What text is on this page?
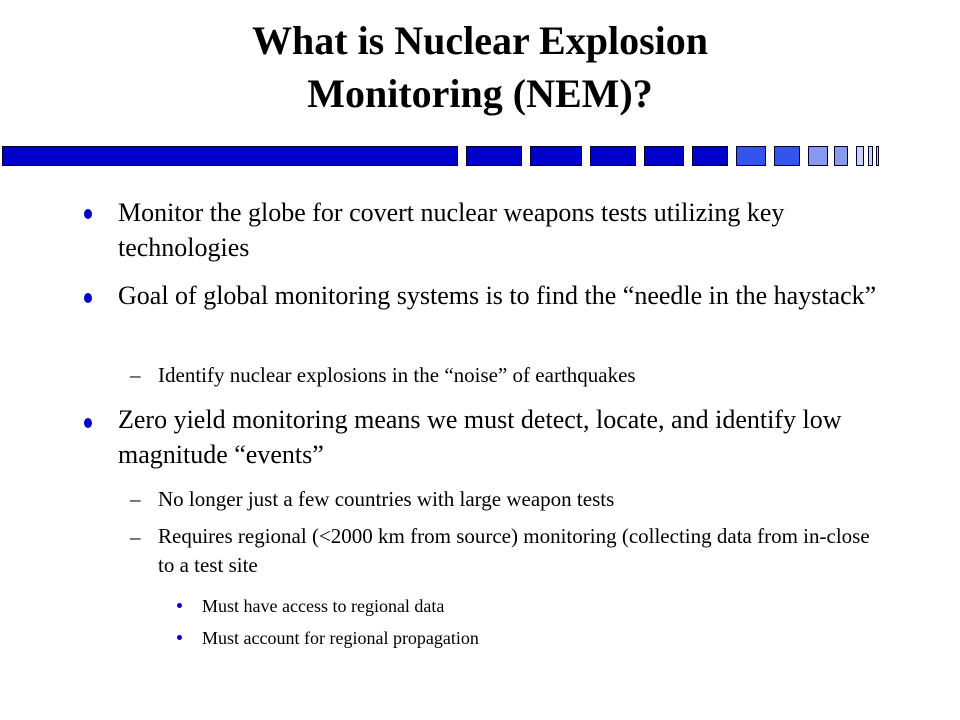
What is Nuclear Explosion
Monitoring (NEM)?
Monitor the globe for covert nuclear weapons tests utilizing key technologies
Goal of global monitoring systems is to find the “needle in the haystack”
– Identify nuclear explosions in the “noise” of earthquakes
Zero yield monitoring means we must detect, locate, and identify low magnitude “events”
– No longer just a few countries with large weapon tests
– Requires regional (<2000 km from source) monitoring (collecting data from in-close to a test site
Must have access to regional data
Must account for regional propagation
